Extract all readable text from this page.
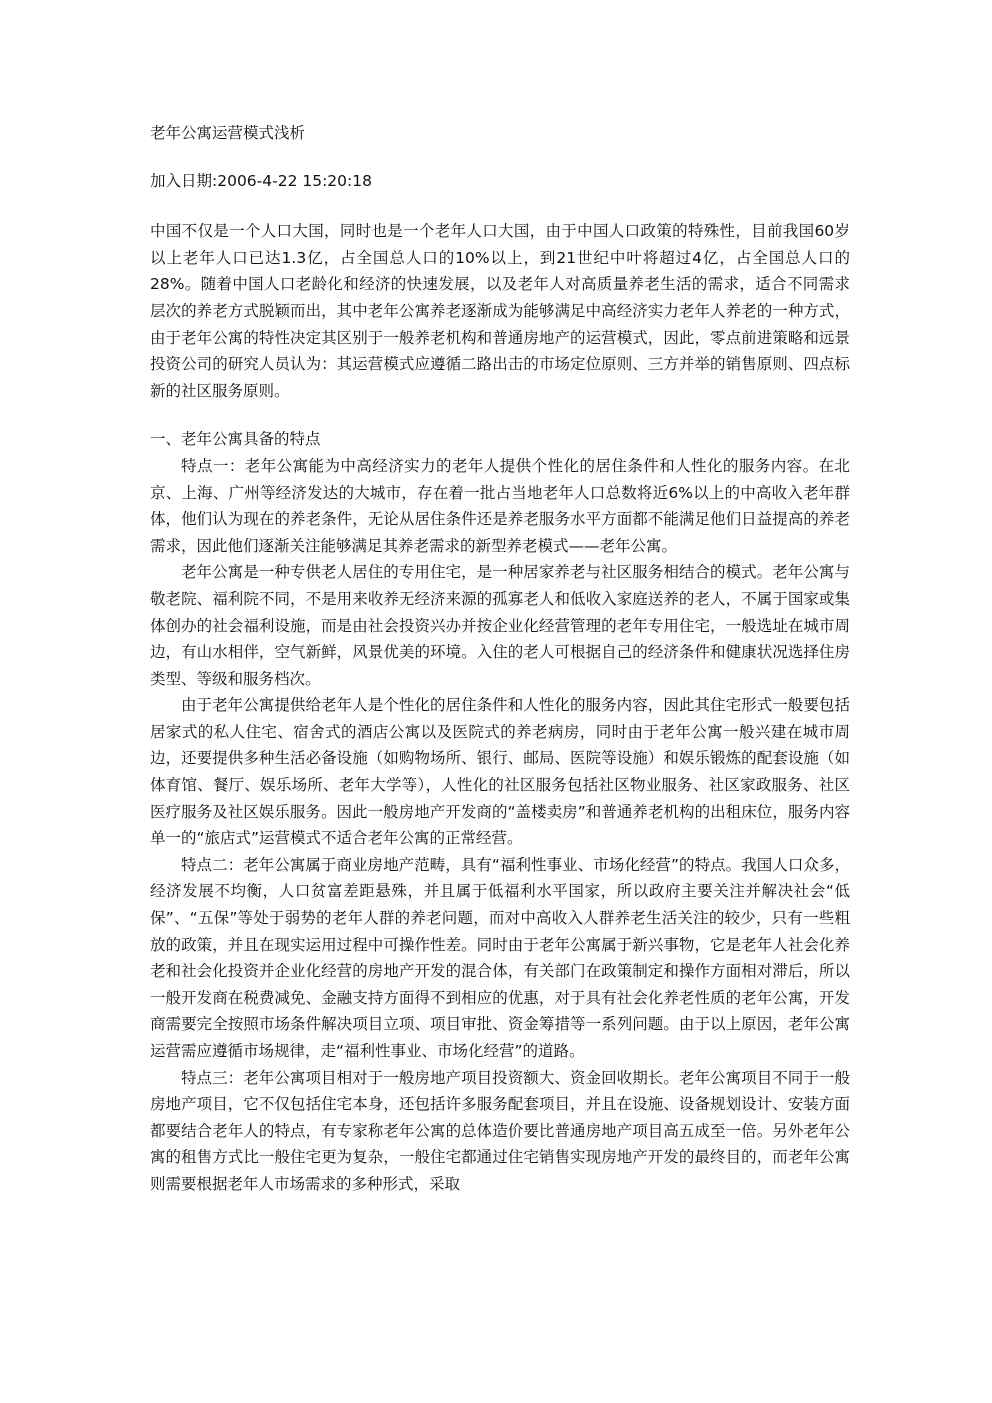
老年公寓运营模式浅析

加入日期:2006-4-22 15:20:18

中国不仅是一个人口大国，同时也是一个老年人口大国，由于中国人口政策的特殊性，目前我国60岁以上老年人口已达1.3亿，占全国总人口的10%以上，到21世纪中叶将超过4亿，占全国总人口的28%。随着中国人口老龄化和经济的快速发展，以及老年人对高质量养老生活的需求，适合不同需求层次的养老方式脱颖而出，其中老年公寓养老逐渐成为能够满足中高经济实力老年人养老的一种方式，由于老年公寓的特性决定其区别于一般养老机构和普通房地产的运营模式，因此，零点前进策略和远景投资公司的研究人员认为：其运营模式应遵循二路出击的市场定位原则、三方并举的销售原则、四点标新的社区服务原则。

一、老年公寓具备的特点

特点一：老年公寓能为中高经济实力的老年人提供个性化的居住条件和人性化的服务内容。在北京、上海、广州等经济发达的大城市，存在着一批占当地老年人口总数将近6%以上的中高收入老年群体，他们认为现在的养老条件，无论从居住条件还是养老服务水平方面都不能满足他们日益提高的养老需求，因此他们逐渐关注能够满足其养老需求的新型养老模式——老年公寓。

老年公寓是一种专供老人居住的专用住宅，是一种居家养老与社区服务相结合的模式。老年公寓与敬老院、福利院不同，不是用来收养无经济来源的孤寡老人和低收入家庭送养的老人，不属于国家或集体创办的社会福利设施，而是由社会投资兴办并按企业化经营管理的老年专用住宅，一般选址在城市周边，有山水相伴，空气新鲜，风景优美的环境。入住的老人可根据自己的经济条件和健康状况选择住房类型、等级和服务档次。

由于老年公寓提供给老年人是个性化的居住条件和人性化的服务内容，因此其住宅形式一般要包括居家式的私人住宅、宿舍式的酒店公寓以及医院式的养老病房，同时由于老年公寓一般兴建在城市周边，还要提供多种生活必备设施（如购物场所、银行、邮局、医院等设施）和娱乐锻炼的配套设施（如体育馆、餐厅、娱乐场所、老年大学等），人性化的社区服务包括社区物业服务、社区家政服务、社区医疗服务及社区娱乐服务。因此一般房地产开发商的“盖楼卖房”和普通养老机构的出租床位，服务内容单一的“旅店式”运营模式不适合老年公寓的正常经营。

特点二：老年公寓属于商业房地产范畴，具有“福利性事业、市场化经营”的特点。我国人口众多，经济发展不均衡，人口贫富差距悬殊，并且属于低福利水平国家，所以政府主要关注并解决社会“低保”、“五保”等处于弱势的老年人群的养老问题，而对中高收入人群养老生活关注的较少，只有一些粗放的政策，并且在现实运用过程中可操作性差。同时由于老年公寓属于新兴事物，它是老年人社会化养老和社会化投资并企业化经营的房地产开发的混合体，有关部门在政策制定和操作方面相对滞后，所以一般开发商在税费减免、金融支持方面得不到相应的优惠，对于具有社会化养老性质的老年公寓，开发商需要完全按照市场条件解决项目立项、项目审批、资金筹措等一系列问题。由于以上原因，老年公寓运营需应遵循市场规律，走“福利性事业、市场化经营”的道路。

特点三：老年公寓项目相对于一般房地产项目投资额大、资金回收期长。老年公寓项目不同于一般房地产项目，它不仅包括住宅本身，还包括许多服务配套项目，并且在设施、设备规划设计、安装方面都要结合老年人的特点，有专家称老年公寓的总体造价要比普通房地产项目高五成至一倍。另外老年公寓的租售方式比一般住宅更为复杂，一般住宅都通过住宅销售实现房地产开发的最终目的，而老年公寓则需要根据老年人市场需求的多种形式，采取
